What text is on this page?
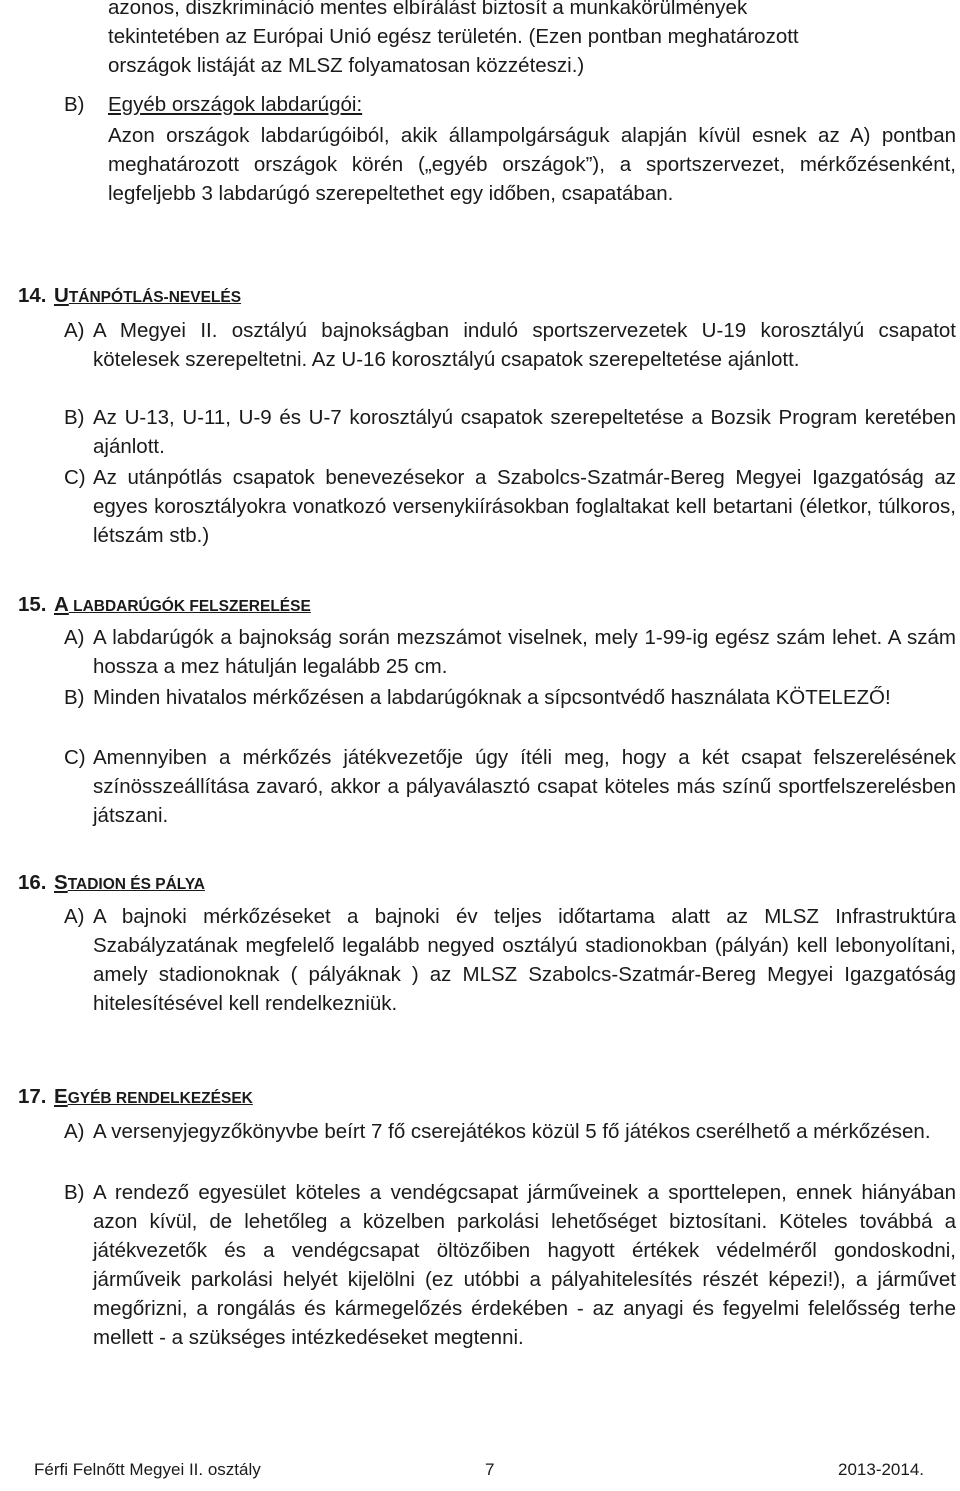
azonos, diszkrimináció mentes elbírálást biztosít a munkakörülmények

tekintetében az Európai Unió egész területén. (Ezen pontban meghatározott

országok listáját az MLSZ folyamatosan közzéteszi.)

B) Egyéb országok labdarúgói:

Azon országok labdarúgóiból, akik állampolgárságuk alapján kívül esnek az A) pontban meghatározott országok körén („egyéb országok”), a sportszervezet, mérkőzésenként, legfeljebb 3 labdarúgó szerepeltethet egy időben, csapatában.

14. UTÁNPÓTLÁS-NEVELÉS
A) A Megyei II. osztályú bajnokságban induló sportszervezetek U-19 korosztályú csapatot kötelesek szerepeltetni. Az U-16 korosztályú csapatok szerepeltetése ajánlott.

B) Az U-13, U-11, U-9 és U-7 korosztályú csapatok szerepeltetése a Bozsik Program keretében ajánlott.

C) Az utánpótlás csapatok benevezésekor a Szabolcs-Szatmár-Bereg Megyei Igazgatóság az egyes korosztályokra vonatkozó versenykiírásokban foglaltakat kell betartani (életkor, túlkoros, létszám stb.)

15. A LABDARÚGÓK FELSZERELÉSE
A) A labdarúgók a bajnokság során mezszámot viselnek, mely 1-99-ig egész szám lehet. A szám hossza a mez hátulján legalább 25 cm.

B) Minden hivatalos mérkőzésen a labdarúgóknak a sípcsontvédő használata KÖTELEZŐ!

C) Amennyiben a mérkőzés játékvezetője úgy ítéli meg, hogy a két csapat felszerelésének színösszeállítása zavaró, akkor a pályaválasztó csapat köteles más színű sportfelszerelésben játszani.

16. STADION ÉS PÁLYA
A) A bajnoki mérkőzéseket a bajnoki év teljes időtartama alatt az MLSZ Infrastruktúra Szabályzatának megfelelő legalább negyed osztályú stadionokban (pályán) kell lebonyolítani, amely stadionoknak ( pályáknak ) az MLSZ Szabolcs-Szatmár-Bereg Megyei Igazgatóság hitelesítésével kell rendelkezniük.

17. EGYÉB RENDELKEZÉSEK
A) A versenyjegyzőkönyvbe beírt 7 fő cserejátékos közül 5 fő játékos cserélhető a mérkőzésen.

B) A rendező egyesület köteles a vendégcsapat járműveinek a sporttelepen, ennek hiányában azon kívül, de lehetőleg a közelben parkolási lehetőséget biztosítani. Köteles továbbá a játékvezetők és a vendégcsapat öltözőiben hagyott értékek védelméről gondoskodni, járműveik parkolási helyét kijelölni (ez utóbbi a pályahitelesítés részét képezi!), a járművet megőrizni, a rongálás és kármegelőzés érdekében - az anyagi és fegyelmi felelősség terhe mellett - a szükséges intézkedéseket megtenni.

Férfi Felnőtt Megyei II. osztály	7	2013-2014.
